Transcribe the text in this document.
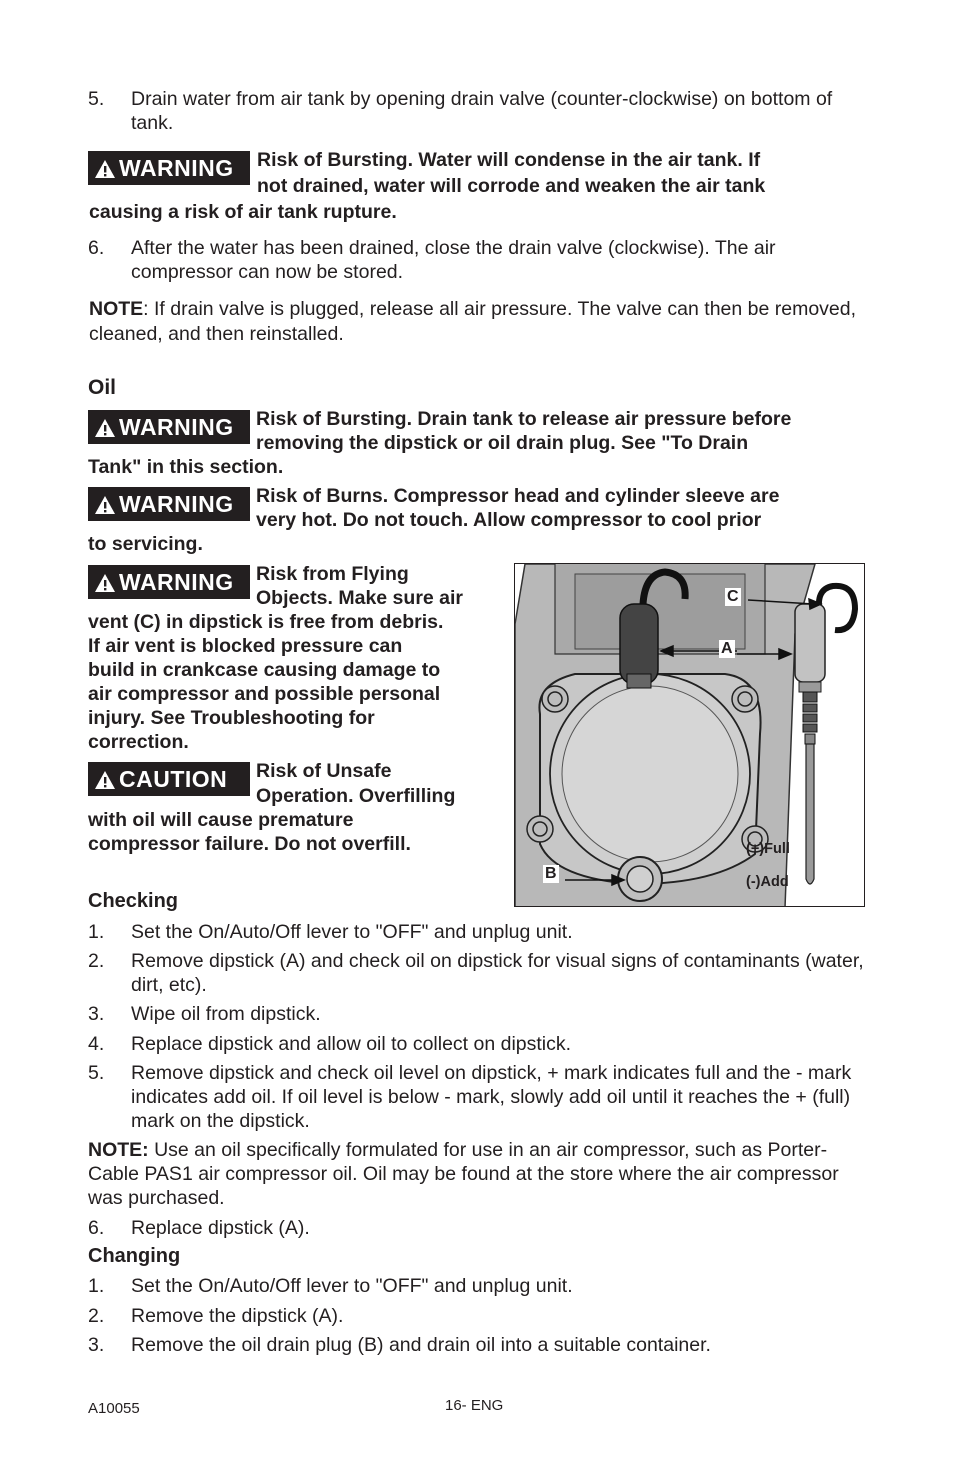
5.	Drain water from air tank by opening drain valve (counter-clockwise) on bottom of tank.
WARNING	Risk of Bursting. Water will condense in the air tank. If
not drained, water will corrode and weaken the air tank
causing a risk of air tank rupture.
6.	After the water has been drained, close the drain valve (clockwise). The air compressor can now be stored.
NOTE: If drain valve is plugged, release all air pressure. The valve can then be removed, cleaned, and then reinstalled.
Oil
WARNING	Risk of Bursting. Drain tank to release air pressure before
removing the dipstick or oil drain plug. See "To Drain
Tank" in this section.
WARNING	Risk of Burns. Compressor head and cylinder sleeve are
very hot. Do not touch. Allow compressor to cool prior
to servicing.
WARNING	Risk from Flying
Objects. Make sure air
vent (C) in dipstick is free from debris.
If air vent is blocked pressure can
build in crankcase causing damage to
air compressor and possible personal
injury. See Troubleshooting for
correction.
CAUTION	Risk of Unsafe
Operation. Overfilling
with oil will cause premature
compressor failure. Do not overfill.
C
A
B
(+)Full
(-)Add
Checking
1.	Set the On/Auto/Off lever to "OFF" and unplug unit.
2.	Remove dipstick (A) and check oil on dipstick for visual signs of contaminants (water, dirt, etc).
3.	Wipe oil from dipstick.
4.	Replace dipstick and allow oil to collect on dipstick.
5.	Remove dipstick and check oil level on dipstick, + mark indicates full and the - mark indicates add oil. If oil level is below - mark, slowly add oil until it reaches the + (full) mark on the dipstick.
NOTE: Use an oil specifically formulated for use in an air compressor, such as Porter-Cable PAS1 air compressor oil. Oil may be found at the store where the air compressor was purchased.
6.	Replace dipstick (A).
Changing
1.	Set the On/Auto/Off lever to "OFF" and unplug unit.
2.	Remove the dipstick (A).
3.	Remove the oil drain plug (B) and drain oil into a suitable container.
A10055	16- ENG
